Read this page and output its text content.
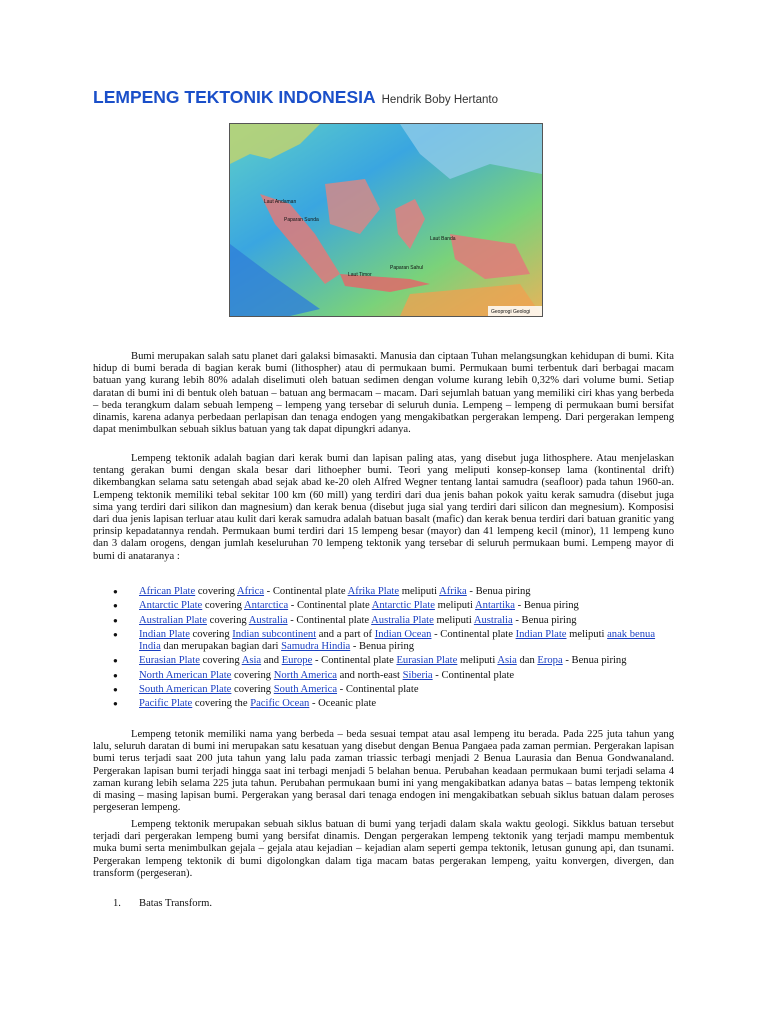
LEMPENG TEKTONIK INDONESIA Hendrik Boby Hertanto
Laut Andaman
Paparan Sunda
Laut Banda
Laut Timor
Paparan Sahul
Geoprogi Geologi

Bumi merupakan salah satu planet dari galaksi bimasakti. Manusia dan ciptaan Tuhan melangsungkan kehidupan di bumi. Kita hidup di bumi berada di bagian kerak bumi (lithospher) atau di permukaan bumi. Permukaan bumi terbentuk dari berbagai macam batuan yang kurang lebih 80% adalah diselimuti oleh batuan sedimen dengan volume kurang lebih 0,32% dari volume bumi. Setiap daratan di bumi ini di bentuk oleh batuan – batuan ang bermacam – macam. Dari sejumlah batuan yang memiliki ciri khas yang berbeda – beda terangkum dalam sebuah lempeng – lempeng yang tersebar di seluruh dunia. Lempeng – lempeng di permukaan bumi bersifat dinamis, karena adanya perbedaan perlapisan dan tenaga endogen yang mengakibatkan pergerakan lempeng. Dari pergerakan lempeng dapat menimbulkan sebuah siklus batuan yang tak dapat dipungkri adanya.

Lempeng tektonik adalah bagian dari kerak bumi dan lapisan paling atas, yang disebut juga lithosphere. Atau menjelaskan tentang gerakan bumi dengan skala besar dari lithoepher bumi. Teori yang meliputi konsep-konsep lama (kontinental drift) dikembangkan selama satu setengah abad sejak abad ke-20 oleh Alfred Wegner tentang lantai samudra (seafloor) pada tahun 1960-an. Lempeng tektonik memiliki tebal sekitar 100 km (60 mill) yang terdiri dari dua jenis bahan pokok yaitu kerak samudra (disebut juga sima yang terdiri dari silikon dan magnesium) dan kerak benua (disebut juga sial yang terdiri dari silicon dan megnesium). Komposisi dari dua jenis lapisan terluar atau kulit dari kerak samudra adalah batuan basalt (mafic) dan kerak benua terdiri dari batuan granitic yang prinsip kepadatannya rendah. Permukaan bumi terdiri dari 15 lempeng besar (mayor) dan 41 lempeng kecil (minor), 11 lempeng kuno dan 3 dalam orogens, dengan jumlah keseluruhan 70 lempeng tektonik yang tersebar di seluruh permukaan bumi. Lempeng mayor di bumi di anataranya :

● African Plate covering Africa - Continental plate Afrika Plate meliputi Afrika - Benua piring
● Antarctic Plate covering Antarctica - Continental plate Antarctic Plate meliputi Antartika - Benua piring
● Australian Plate covering Australia - Continental plate Australia Plate meliputi Australia - Benua piring
● Indian Plate covering Indian subcontinent and a part of Indian Ocean - Continental plate Indian Plate meliputi anak benua India dan merupakan bagian dari Samudra Hindia - Benua piring
● Eurasian Plate covering Asia and Europe - Continental plate Eurasian Plate meliputi Asia dan Eropa - Benua piring
● North American Plate covering North America and north-east Siberia - Continental plate
● South American Plate covering South America - Continental plate
● Pacific Plate covering the Pacific Ocean - Oceanic plate

Lempeng tetonik memiliki nama yang berbeda – beda sesuai tempat atau asal lempeng itu berada. Pada 225 juta tahun yang lalu, seluruh daratan di bumi ini merupakan satu kesatuan yang disebut dengan Benua Pangaea pada zaman permian. Pergerakan lapisan bumi terus terjadi saat 200 juta tahun yang lalu pada zaman triassic terbagi menjadi 2 Benua Laurasia dan Benua Gondwanaland. Pergerakan lapisan bumi terjadi hingga saat ini terbagi menjadi 5 belahan benua. Perubahan keadaan permukaan bumi terjadi selama 4 zaman kurang lebih selama 225 juta tahun. Perubahan permukaan bumi ini yang mengakibatkan adanya batas – batas lempeng tektonik di masing – masing lapisan bumi. Pergerakan yang berasal dari tenaga endogen ini mengakibatkan sebuah siklus batuan dalam peroses pergeseran lempeng.

Lempeng tektonik merupakan sebuah siklus batuan di bumi yang terjadi dalam skala waktu geologi. Sikklus batuan tersebut terjadi dari pergerakan lempeng bumi yang bersifat dinamis. Dengan pergerakan lempeng tektonik yang terjadi mampu membentuk muka bumi serta menimbulkan gejala – gejala atau kejadian – kejadian alam seperti gempa tektonik, letusan gunung api, dan tsunami. Pergerakan lempeng tektonik di bumi digolongkan dalam tiga macam batas pergerakan lempeng, yaitu konvergen, divergen, dan transform (pergeseran).

1. Batas Transform.
